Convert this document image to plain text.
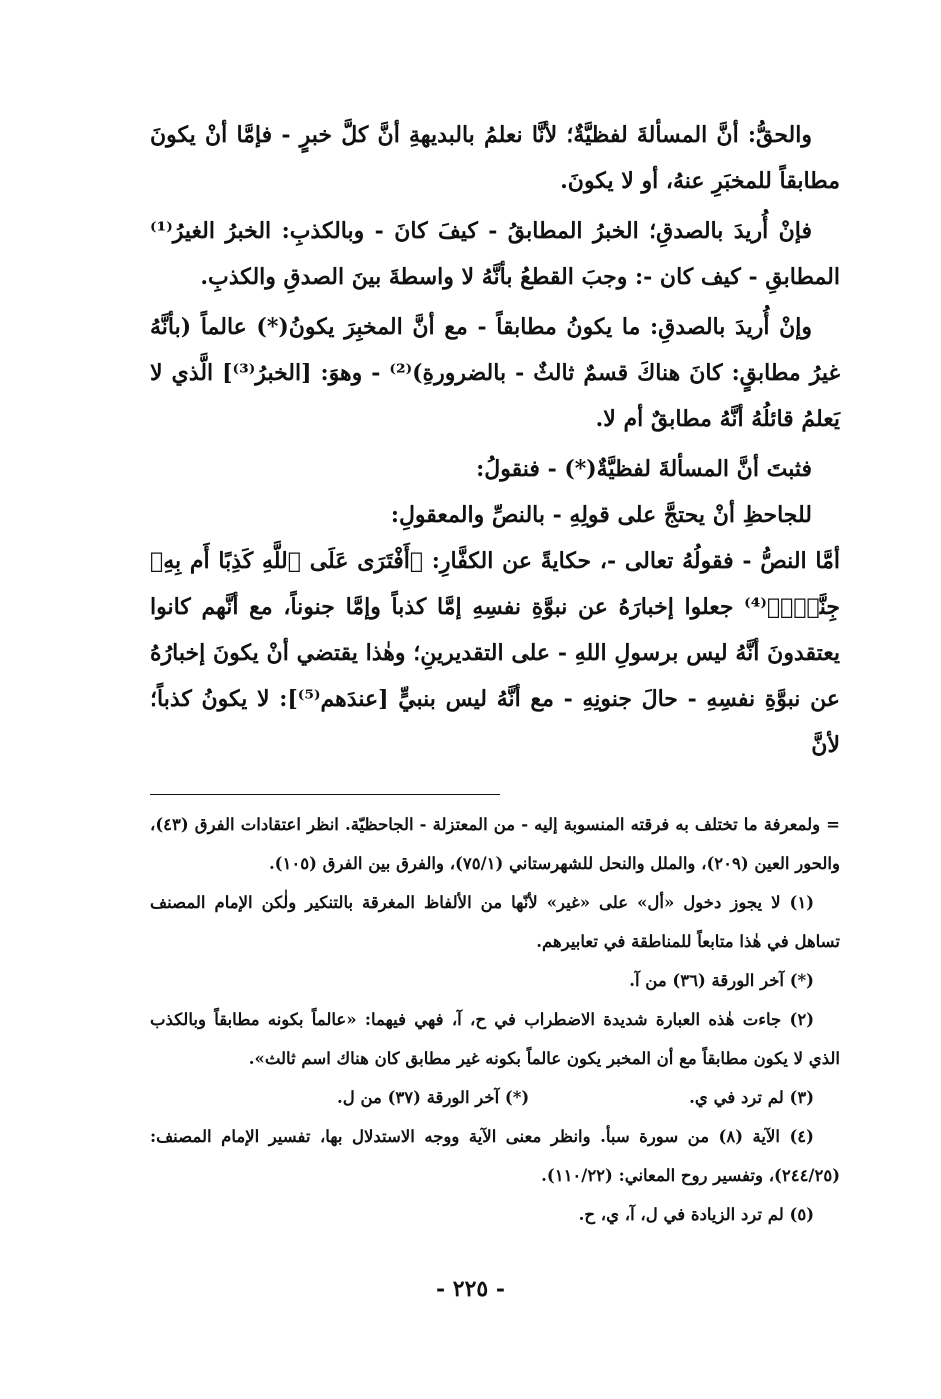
والحقُّ: أنَّ المسألةَ لفظيَّةٌ؛ لأنَّا نعلمُ بالبديهةِ أنَّ كلَّ خبرٍ - فإمَّا أنْ يكونَ مطابقاً للمخبَرِ عنهُ، أو لا يكونَ.

فإنْ أُريدَ بالصدقِ؛ الخبرُ المطابقُ - كيفَ كانَ - وبالكذبِ: الخبرُ الغيرُ⁽¹⁾ المطابقِ - كيف كان -: وجبَ القطعُ بأنَّهُ لا واسطةَ بينَ الصدقِ والكذبِ.

وإنْ أُريدَ بالصدقِ: ما يكونُ مطابقاً - مع أنَّ المخبِرَ يكونُ(*) عالماً (بأنَّهُ غيرُ مطابقٍ: كانَ هناكَ قسمٌ ثالثٌ - بالضرورةِ)⁽²⁾ - وهوَ: [الخبرُ⁽³⁾] الَّذي لا يَعلمُ قائلُهُ أنَّهُ مطابقٌ أم لا.

فثبتَ أنَّ المسألةَ لفظيَّةٌ(*) - فنقولُ:

للجاحظِ أنْ يحتجَّ على قولِهِ - بالنصِّ والمعقولِ:

أمَّا النصُّ - فقولُهُ تعالى -، حكايةً عن الكفَّارِ: ﴿أَفْتَرَى عَلَى ٱللَّهِ كَذِبًا أَم بِهِۦ جِنَّةٌۢ﴾⁽⁴⁾ جعلوا إخبارَهُ عن نبوَّةِ نفسِهِ إمَّا كذباً وإمَّا جنوناً، مع أنَّهم كانوا يعتقدونَ أنَّهُ ليس برسولِ اللهِ - على التقديرينِ؛ وهٰذا يقتضي أنْ يكونَ إخبارُهُ عن نبوَّةِ نفسِهِ - حالَ جنونِهِ - مع أنَّهُ ليس بنبيٍّ [عندَهم⁽⁵⁾]: لا يكونُ كذباً؛ لأنَّ

= ولمعرفة ما تختلف به فرقته المنسوبة إليه - من المعتزلة - الجاحظيّة. انظر اعتقادات الفرق (٤٣)، والحور العين (٢٠٩)، والملل والنحل للشهرستاني (٧٥/١)، والفرق بين الفرق (١٠٥).

(١) لا يجوز دخول «أل» على «غير» لأنّها من الألفاظ المغرقة بالتنكير ولٰكن الإمام المصنف تساهل في هٰذا متابعاً للمناطقة في تعابيرهم.

(*) آخر الورقة (٣٦) من آ.

(٢) جاءت هٰذه العبارة شديدة الاضطراب في ح، آ، فهي فيهما: «عالماً بكونه مطابقاً وبالكذب الذي لا يكون مطابقاً مع أن المخبر يكون عالماً بكونه غير مطابق كان هناك اسم ثالث».

(٣) لم ترد في ي.
(*) آخر الورقة (٣٧) من ل.

(٤) الآية (٨) من سورة سبأ. وانظر معنى الآية ووجه الاستدلال بها، تفسير الإمام المصنف: (٢٤٤/٢٥)، وتفسير روح المعاني: (١١٠/٢٢).

(٥) لم ترد الزيادة في ل، آ، ي، ح.

- ٢٢٥ -
